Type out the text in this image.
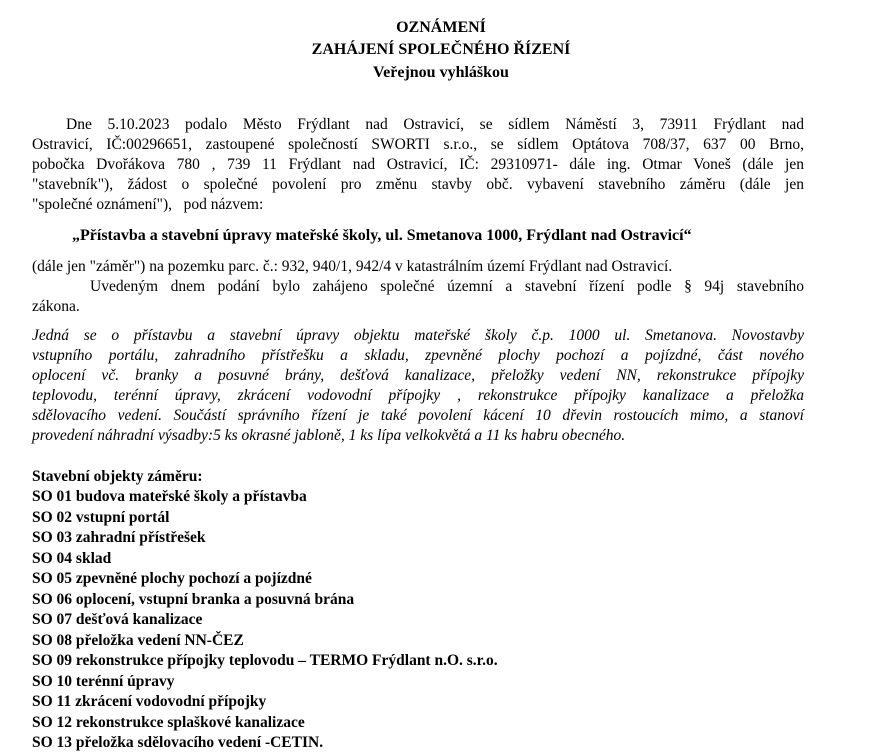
OZNÁMENÍ
ZAHÁJENÍ SPOLEČNÉHO ŘÍZENÍ
Veřejnou vyhláškou
Dne 5.10.2023 podalo Město Frýdlant nad Ostravicí, se sídlem Náměstí 3, 73911 Frýdlant nad
Ostravicí, IČ:00296651, zastoupené společností SWORTI s.r.o., se sídlem Optátova 708/37, 637 00 Brno,
pobočka Dvořákova 780 , 739 11 Frýdlant nad Ostravicí, IČ: 29310971- dále ing. Otmar Voneš (dále jen
"stavebník"), žádost o společné povolení pro změnu stavby obč. vybavení stavebního záměru (dále jen
"společné oznámení"),   pod názvem:
„Přístavba a stavební úpravy mateřské školy, ul. Smetanova 1000, Frýdlant nad Ostravicí“
(dále jen "záměr") na pozemku parc. č.: 932, 940/1, 942/4 v katastrálním území Frýdlant nad Ostravicí.
Uvedeným dnem podání bylo zahájeno společné územní a stavební řízení podle § 94j stavebního
zákona.
Jedná se o přístavbu a stavební úpravy objektu mateřské školy č.p. 1000 ul. Smetanova. Novostavby
vstupního portálu, zahradního přístřešku a skladu, zpevněné plochy pochozí a pojízdné, část nového
oplocení vč. branky a posuvné brány, dešťová kanalizace, přeložky vedení NN, rekonstrukce přípojky
teplovodu, terénní úpravy, zkrácení vodovodní přípojky , rekonstrukce přípojky kanalizace a přeložka
sdělovacího vedení. Součástí správního řízení je také povolení kácení 10 dřevin rostoucích mimo, a stanoví
provedení náhradní výsadby:5 ks okrasné jabloně, 1 ks lípa velkokvětá a 11 ks habru obecného.
Stavební objekty záměru:
SO 01 budova mateřské školy a přístavba
SO 02 vstupní portál
SO 03 zahradní přístřešek
SO 04 sklad
SO 05 zpevněné plochy pochozí a pojízdné
SO 06 oplocení, vstupní branka a posuvná brána
SO 07 dešťová kanalizace
SO 08 přeložka vedení NN-ČEZ
SO 09 rekonstrukce přípojky teplovodu – TERMO Frýdlant n.O. s.r.o.
SO 10 terénní úpravy
SO 11 zkrácení vodovodní přípojky
SO 12 rekonstrukce splaškové kanalizace
SO 13 přeložka sdělovacího vedení -CETIN.
